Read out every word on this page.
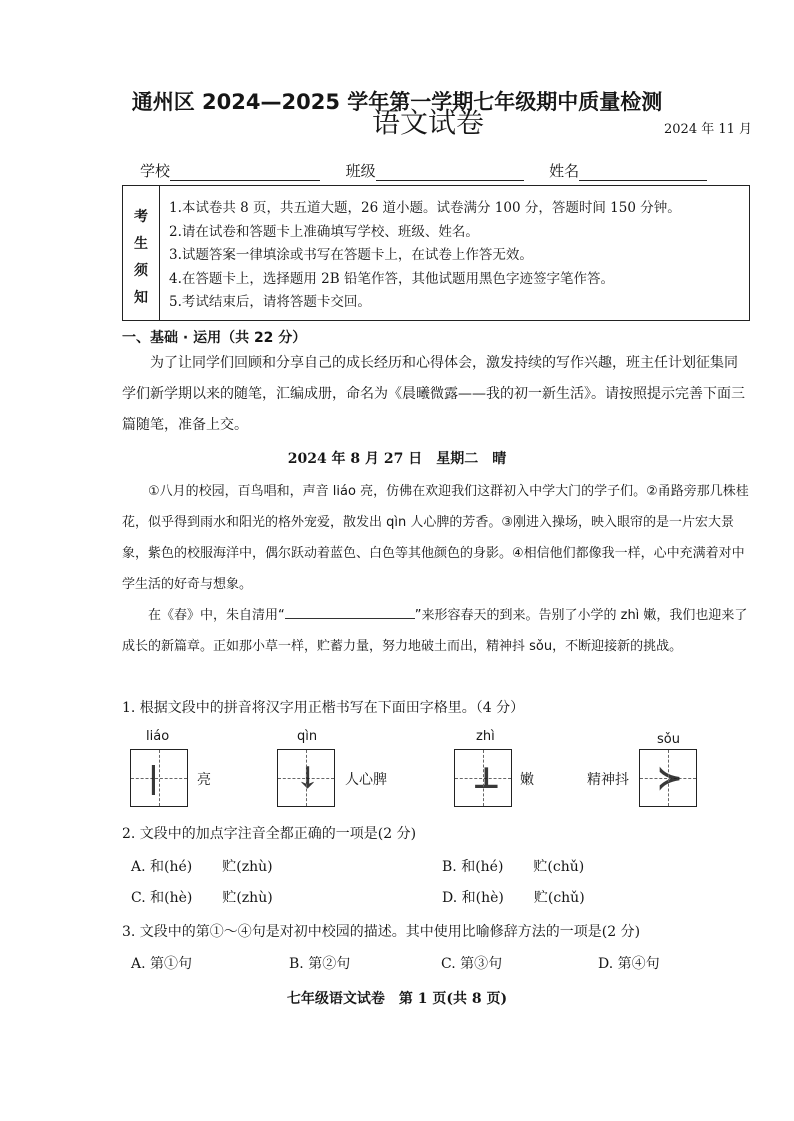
通州区 2024—2025 学年第一学期七年级期中质量检测
语文试卷	2024 年 11 月
学校	班级	姓名
考
生
须
知
1.本试卷共 8 页，共五道大题，26 道小题。试卷满分 100 分，答题时间 150 分钟。
2.请在试卷和答题卡上准确填写学校、班级、姓名。
3.试题答案一律填涂或书写在答题卡上，在试卷上作答无效。
4.在答题卡上，选择题用 2B 铅笔作答，其他试题用黑色字迹签字笔作答。
5.考试结束后，请将答题卡交回。
一、基础 · 运用（共 22 分）
为了让同学们回顾和分享自己的成长经历和心得体会，激发持续的写作兴趣，班主任计划征集同学们新学期以来的随笔，汇编成册，命名为《晨曦微露——我的初一新生活》。请按照提示完善下面三篇随笔，准备上交。
2024 年 8 月 27 日　星期二　晴
①八月的校园，百鸟唱和，声音 liáo 亮，仿佛在欢迎我们这群初入中学大门的学子们。②甬路旁那几株桂花，似乎得到雨水和阳光的格外宠爱，散发出 qìn 人心脾的芳香。③刚进入操场，映入眼帘的是一片宏大景象，紫色的校服海洋中，偶尔跃动着蓝色、白色等其他颜色的身影。④相信他们都像我一样，心中充满着对中学生活的好奇与想象。
在《春》中，朱自清用“	”来形容春天的到来。告别了小学的 zhì 嫩，我们也迎来了成长的新篇章。正如那小草一样，贮蓄力量，努力地破土而出，精神抖 sǒu，不断迎接新的挑战。
1. 根据文段中的拼音将汉字用正楷书写在下面田字格里。（4 分）
liáo
|	亮
qìn
↓ 人心脾
zhì
⊥ 嫩
sǒu
精神抖 ≻
2. 文段中的加点字注音全都正确的一项是(2 分)
A. 和(hé) 贮(zhù)	B. 和(hé) 贮(chǔ)
C. 和(hè) 贮(zhù)	D. 和(hè) 贮(chǔ)
3. 文段中的第①～④句是对初中校园的描述。其中使用比喻修辞方法的一项是(2 分)
A. 第①句	B. 第②句	C. 第③句	D. 第④句
七年级语文试卷　第 1 页(共 8 页)
